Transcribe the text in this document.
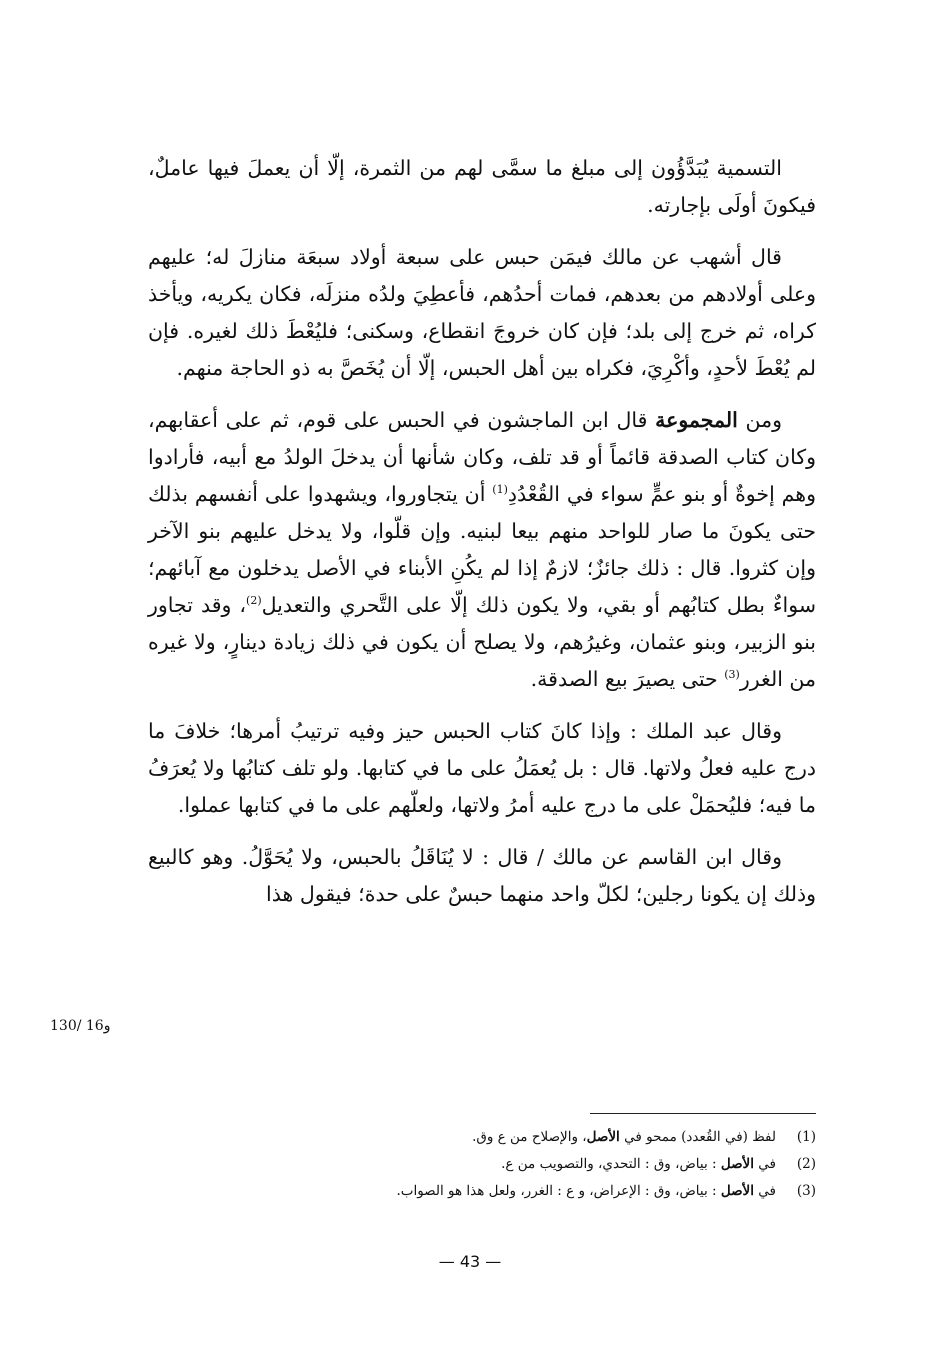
التسمية يُبَدَّؤُون إلى مبلغ ما سمَّى لهم من الثمرة، إلّا أن يعملَ فيها عاملٌ، فيكونَ أولَى بإجارته.

قال أشهب عن مالك فيمَن حبس على سبعة أولاد سبعَة منازلَ له؛ عليهم وعلى أولادهم من بعدهم، فمات أحدُهم، فأعطِيَ ولدُه منزلَه، فكان يكريه، ويأخذ كراه، ثم خرج إلى بلد؛ فإن كان خروجَ انقطاع، وسكنى؛ فليُعْطَ ذلك لغيره. فإن لم يُعْطَ لأحدٍ، وأكْرِيَ، فكراه بين أهل الحبس، إلّا أن يُخَصَّ به ذو الحاجة منهم.

ومن المجموعة قال ابن الماجشون في الحبس على قوم، ثم على أعقابهم، وكان كتاب الصدقة قائماً أو قد تلف، وكان شأنها أن يدخلَ الولدُ مع أبيه، فأرادوا وهم إخوةٌ أو بنو عمٍّ سواء في القُعْدُدِ$^{(1)}$ أن يتجاوروا، ويشهدوا على أنفسهم بذلك حتى يكونَ ما صار للواحد منهم بيعا لبنيه. وإن قلّوا، ولا يدخل عليهم بنو الآخر وإن كثروا. قال : ذلك جائزٌ؛ لازمٌ إذا لم يكُنِ الأبناء في الأصل يدخلون مع آبائهم؛ سواءٌ بطل كتابُهم أو بقي، ولا يكون ذلك إلّا على التَّحري والتعديل$^{(2)}$، وقد تجاور بنو الزبير، وبنو عثمان، وغيرُهم، ولا يصلح أن يكون في ذلك زيادة دينارٍ، ولا غيره من الغرر$^{(3)}$ حتى يصيرَ بيع الصدقة.

وقال عبد الملك : وإذا كانَ كتاب الحبس حيز وفيه ترتيبُ أمرها؛ خلافَ ما درج عليه فعلُ ولاتها. قال : بل يُعمَلُ على ما في كتابها. ولو تلف كتابُها ولا يُعرَفُ ما فيه؛ فليُحمَلْ على ما درج عليه أمرُ ولاتها، ولعلّهم على ما في كتابها عملوا.

وقال ابن القاسم عن مالك / قال : لا يُنَاقَلُ بالحبس، ولا يُحَوَّلُ. وهو كالبيع وذلك إن يكونا رجلين؛ لكلّ واحد منهما حبسٌ على حدة؛ فيقول هذا

130/ 16و
(1)لفظ (في القُعدد) ممحو في الأصل، والإصلاح من ع وق.
(2)في الأصل : بياض، وق : التحدي، والتصويب من ع.
(3)في الأصل : بياض، وق : الإعراض، و ع : الغرر، ولعل هذا هو الصواب.
— 43 —
